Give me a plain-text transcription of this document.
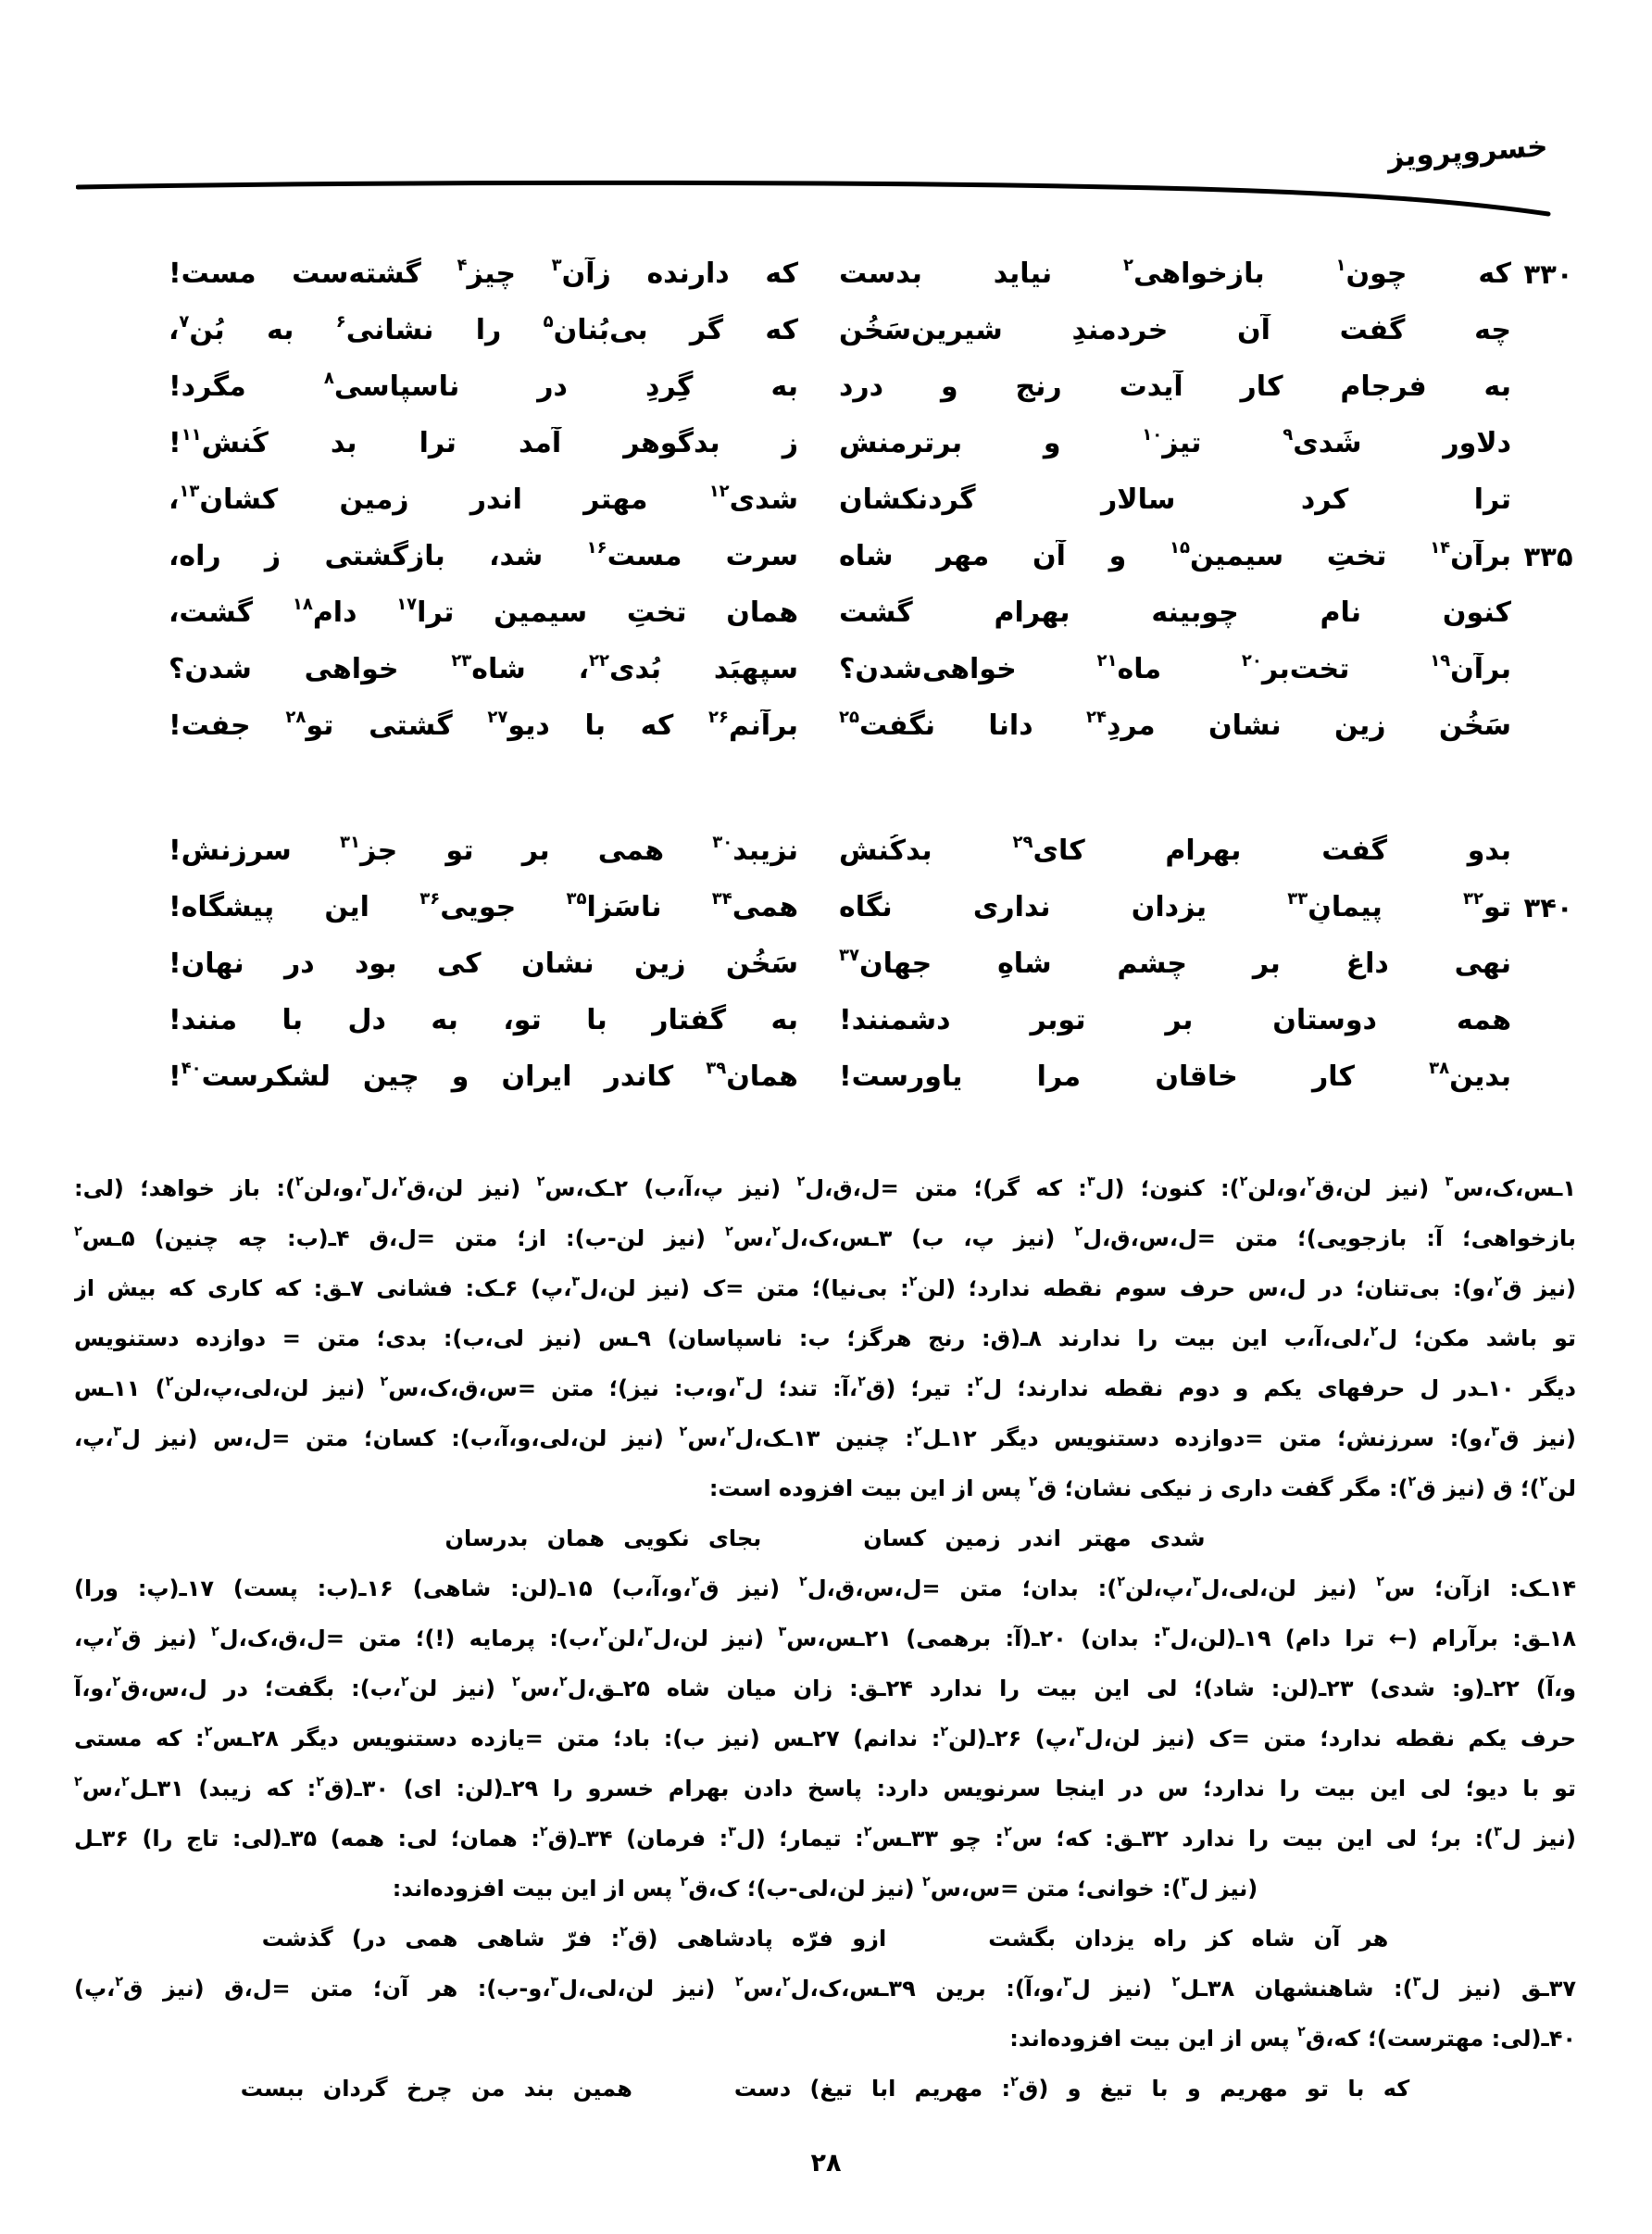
خسروپرویز
۳۳۰
که چون$^۱$ بازخواهی$^۲$ نیاید بدست
که دارنده زآن$^۳$ چیز$^۴$ گشته‌ست مست!
چه گفت آن خردمندِ شیرین‌سَخُن
که گر بی‌بُنان$^۵$ را نشانی$^۶$ به بُن$^۷$،
به فرجامِ کار آیدت رنج و درد
به گِردِ درِ ناسپاسی$^۸$ مگرد!
دلاور شَدی$^۹$ تیز$^{۱۰}$ و برترمنش
ز بدگوهر آمد ترا بد کُنش$^{۱۱}$!
ترا کرد سالارِ گردنکشان
شدی$^{۱۲}$ مهتر اندر زمین کشان$^{۱۳}$،
۳۳۵
برآن$^{۱۴}$ تختِ سیمین$^{۱۵}$ و آن مهر شاه
سرت مست$^{۱۶}$ شد، بازگشتی ز راه،
کنون نامِ چوبینه بهرام گشت
همان تختِ سیمین ترا$^{۱۷}$ دام$^{۱۸}$ گشت،
برآن$^{۱۹}$ تخت‌بر$^{۲۰}$ ماه$^{۲۱}$ خواهی‌شدن؟
سپهبَد بُدی$^{۲۲}$، شاه$^{۲۳}$ خواهی شدن؟
سَخُن زین نشان مردِ$^{۲۴}$ دانا نگفت$^{۲۵}$
برآنم$^{۲۶}$ که با دیو$^{۲۷}$ گشتی تو$^{۲۸}$ جفت!
بدو گفت بهرام کای$^{۲۹}$ بدکُنش
نزیبد$^{۳۰}$ همی بر تو جز$^{۳۱}$ سرزنش!
۳۴۰
تو$^{۳۲}$ پیمانِ$^{۳۳}$ یزدان نداری نگاه
همی$^{۳۴}$ ناسَزا$^{۳۵}$ جویی$^{۳۶}$ این پیشگاه!
نهی داغ بر چشمِ شاهِ جهان$^{۳۷}$
سَخُن زین نشان کی بود در نهان!
همه دوستان بر توبر دشمنند!
به گفتار با تو، به دل با منند!
بدین$^{۳۸}$ کار خاقان مرا یاورست!
همان$^{۳۹}$ کاندر ایران و چین لشکرست$^{۴۰}$!
۱ـس،ک،س$^۳$ (نیز لن،ق$^۲$،و،لن$^۲$): کنون؛ (ل$^۳$: که گر)؛ متن =ل،ق،ل$^۲$ (نیز پ،آ،ب) ۲ـک،س$^۲$ (نیز لن،ق$^۲$،ل$^۳$،و،لن$^۲$): باز خواهد؛ (لی:
بازخواهی؛ آ: بازجویی)؛ متن =ل،س،ق،ل$^۲$ (نیز پ، ب) ۳ـس،ک،ل$^۲$،س$^۲$ (نیز لن‑ب): از؛ متن =ل،ق ۴ـ(ب: چه چنین) ۵ـس$^۲$
(نیز ق$^۲$،و): بی‌تنان؛ در ل،س حرف سوم نقطه ندارد؛ (لن$^۲$: بی‌نیا)؛ متن =ک (نیز لن،ل$^۳$،پ) ۶ـک: فشانی ۷ـق: که کاری که بیش از
تو باشد مکن؛ ل$^۲$،لی،آ،ب این بیت را ندارند ۸ـ(ق: رنج هرگز؛ ب: ناسپاسان) ۹ـس (نیز لی،ب): بدی؛ متن = دوازده دستنویس
دیگر ۱۰ـدر ل حرفهای یکم و دوم نقطه ندارند؛ ل$^۲$: تیر؛ (ق$^۲$،آ: تند؛ ل$^۳$،و،ب: نیز)؛ متن =س،ق،ک،س$^۲$ (نیز لن،لی،پ،لن$^۲$) ۱۱ـس
(نیز ق$^۳$،و): سرزنش؛ متن =دوازده دستنویس دیگر ۱۲ـل$^۲$: چنین ۱۳ـک،ل$^۲$،س$^۲$ (نیز لن،لی،و،آ،ب): کسان؛ متن =ل،س (نیز ل$^۳$،پ،
لن$^۲$)؛ ق (نیز ق$^۲$): مگر گفت داری ز نیکی نشان؛ ق$^۲$ پس از این بیت افزوده است:
شدی مهتر اندر زمین کسان
بجای نکویی همان بدرسان
۱۴ـک: ازآن؛ س$^۲$ (نیز لن،لی،ل$^۳$،پ،لن$^۲$): بدان؛ متن =ل،س،ق،ل$^۲$ (نیز ق$^۲$،و،آ،ب) ۱۵ـ(لن: شاهی) ۱۶ـ(ب: پست) ۱۷ـ(پ: ورا)
۱۸ـق: برآرام (← ترا دام) ۱۹ـ(لن،ل$^۳$: بدان) ۲۰ـ(آ: برهمی) ۲۱ـس،س$^۳$ (نیز لن،ل$^۳$،لن$^۲$،ب): پرمایه (!)؛ متن =ل،ق،ک،ل$^۲$ (نیز ق$^۲$،پ،
و،آ) ۲۲ـ(و: شدی) ۲۳ـ(لن: شاد)؛ لی این بیت را ندارد ۲۴ـق: زان میان شاه ۲۵ـق،ل$^۲$،س$^۲$ (نیز لن$^۲$،ب): بگفت؛ در ل،س،ق$^۲$،و،آ
حرف یکم نقطه ندارد؛ متن =ک (نیز لن،ل$^۳$،پ) ۲۶ـ(لن$^۲$: ندانم) ۲۷ـس (نیز ب): باد؛ متن =یازده دستنویس دیگر ۲۸ـس$^۲$: که مستی
تو با دیو؛ لی این بیت را ندارد؛ س در اینجا سرنویس دارد: پاسخ دادن بهرام خسرو را ۲۹ـ(لن: ای) ۳۰ـ(ق$^۲$: که زیبد) ۳۱ـل$^۲$،س$^۲$
(نیز ل$^۳$): بر؛ لی این بیت را ندارد ۳۲ـق: که؛ س$^۲$: چو ۳۳ـس$^۲$: تیمار؛ (ل$^۳$: فرمان) ۳۴ـ(ق$^۲$: همان؛ لی: همه) ۳۵ـ(لی: تاج را) ۳۶ـل
(نیز ل$^۳$): خوانی؛ متن =س،س$^۲$ (نیز لن،لی‑ب)؛ ک،ق$^۲$ پس از این بیت افزوده‌اند:
هر آن شاه کز راه یزدان بگشت
ازو فرّه پادشاهی (ق$^۲$: فرّ شاهی همی در) گذشت
۳۷ـق (نیز ل$^۳$): شاهنشهان ۳۸ـل$^۲$ (نیز ل$^۳$،و،آ): برین ۳۹ـس،ک،ل$^۲$،س$^۲$ (نیز لن،لی،ل$^۳$،و‑ب): هر آن؛ متن =ل،ق (نیز ق$^۲$،پ)
۴۰ـ(لی: مهترست)؛ که،ق$^۲$ پس از این بیت افزوده‌اند:
که با تو مهریم و با تیغ و (ق$^۲$: مهریم ابا تیغ) دست
همین بند من چرخ گردان ببست
۲۸
